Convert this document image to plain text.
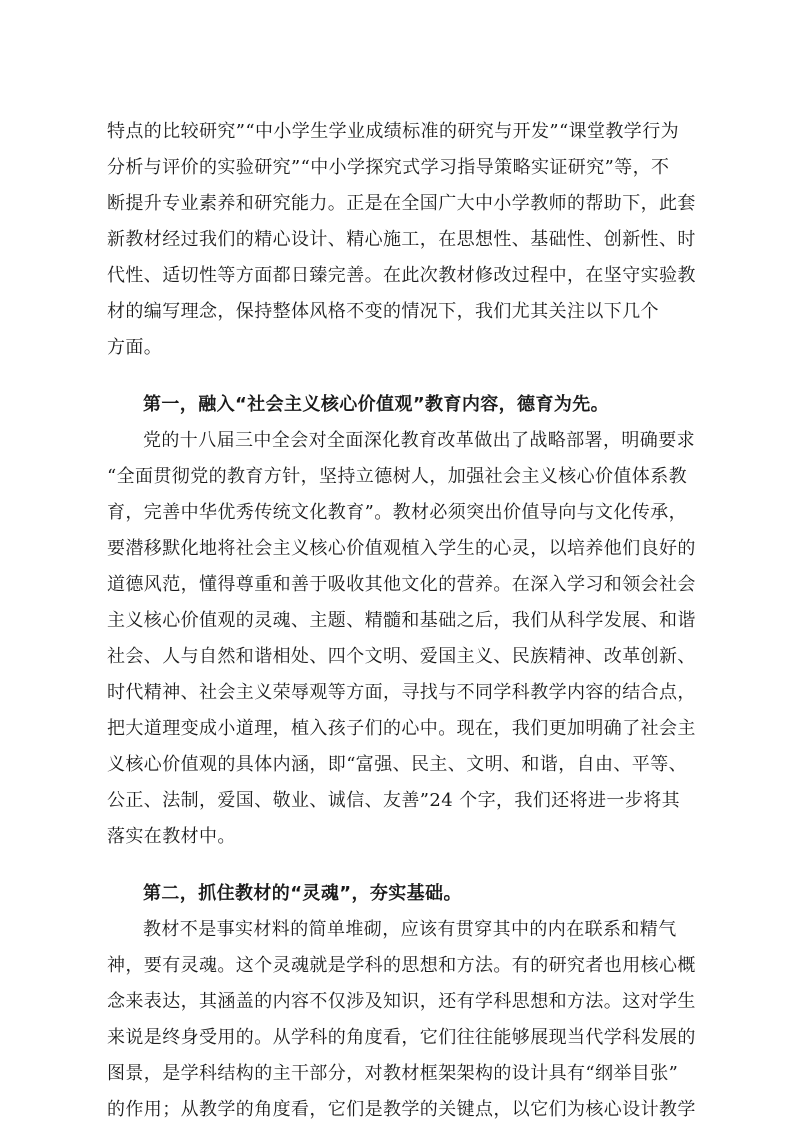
特点的比较研究”“中小学生学业成绩标准的研究与开发”“课堂教学行为

分析与评价的实验研究”“中小学探究式学习指导策略实证研究”等，不

断提升专业素养和研究能力。正是在全国广大中小学教师的帮助下，此套

新教材经过我们的精心设计、精心施工，在思想性、基础性、创新性、时

代性、适切性等方面都日臻完善。在此次教材修改过程中，在坚守实验教

材的编写理念，保持整体风格不变的情况下，我们尤其关注以下几个

方面。

第一，融入“社会主义核心价值观”教育内容，德育为先。

党的十八届三中全会对全面深化教育改革做出了战略部署，明确要求

“全面贯彻党的教育方针，坚持立德树人，加强社会主义核心价值体系教

育，完善中华优秀传统文化教育”。教材必须突出价值导向与文化传承，

要潜移默化地将社会主义核心价值观植入学生的心灵，以培养他们良好的

道德风范，懂得尊重和善于吸收其他文化的营养。在深入学习和领会社会

主义核心价值观的灵魂、主题、精髓和基础之后，我们从科学发展、和谐

社会、人与自然和谐相处、四个文明、爱国主义、民族精神、改革创新、

时代精神、社会主义荣辱观等方面，寻找与不同学科教学内容的结合点，

把大道理变成小道理，植入孩子们的心中。现在，我们更加明确了社会主

义核心价值观的具体内涵，即“富强、民主、文明、和谐，自由、平等、

公正、法制，爱国、敬业、诚信、友善”24 个字，我们还将进一步将其

落实在教材中。

第二，抓住教材的“灵魂”，夯实基础。

教材不是事实材料的简单堆砌，应该有贯穿其中的内在联系和精气

神，要有灵魂。这个灵魂就是学科的思想和方法。有的研究者也用核心概

念来表达，其涵盖的内容不仅涉及知识，还有学科思想和方法。这对学生

来说是终身受用的。从学科的角度看，它们往往能够展现当代学科发展的

图景，是学科结构的主干部分，对教材框架架构的设计具有“纲举目张”

的作用；从教学的角度看，它们是教学的关键点，以它们为核心设计教学
